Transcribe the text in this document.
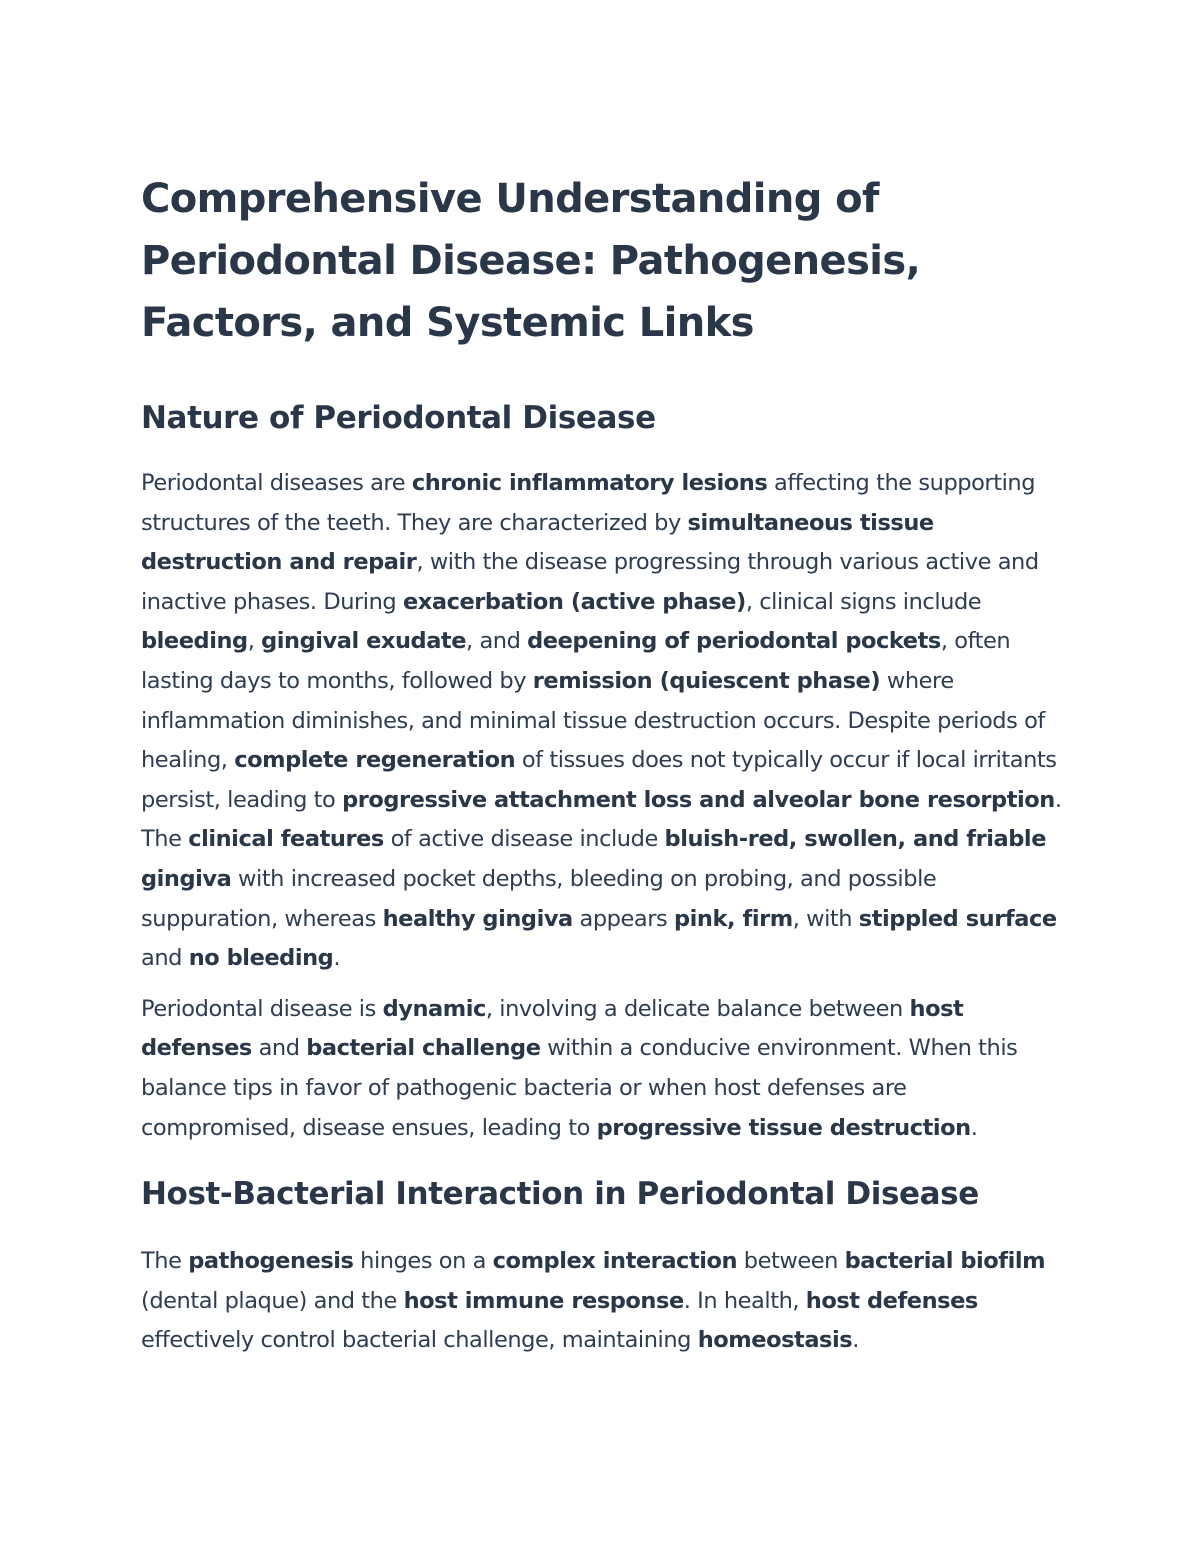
Comprehensive Understanding of Periodontal Disease: Pathogenesis, Factors, and Systemic Links
Nature of Periodontal Disease

Periodontal diseases are chronic inflammatory lesions affecting the supporting structures of the teeth. They are characterized by simultaneous tissue destruction and repair, with the disease progressing through various active and inactive phases. During exacerbation (active phase), clinical signs include bleeding, gingival exudate, and deepening of periodontal pockets, often lasting days to months, followed by remission (quiescent phase) where inflammation diminishes, and minimal tissue destruction occurs. Despite periods of healing, complete regeneration of tissues does not typically occur if local irritants persist, leading to progressive attachment loss and alveolar bone resorption. The clinical features of active disease include bluish-red, swollen, and friable gingiva with increased pocket depths, bleeding on probing, and possible suppuration, whereas healthy gingiva appears pink, firm, with stippled surface and no bleeding.

Periodontal disease is dynamic, involving a delicate balance between host defenses and bacterial challenge within a conducive environment. When this balance tips in favor of pathogenic bacteria or when host defenses are compromised, disease ensues, leading to progressive tissue destruction.

Host-Bacterial Interaction in Periodontal Disease

The pathogenesis hinges on a complex interaction between bacterial biofilm (dental plaque) and the host immune response. In health, host defenses effectively control bacterial challenge, maintaining homeostasis.
